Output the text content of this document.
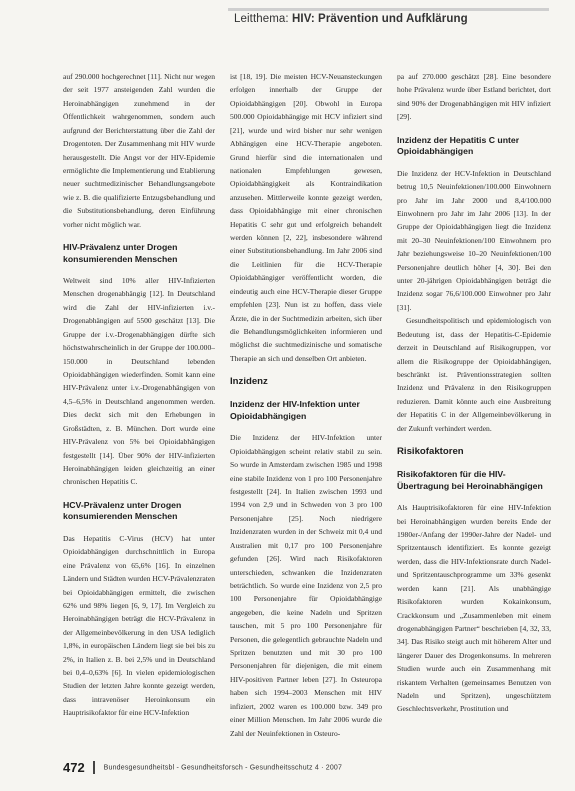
Leitthema: HIV: Prävention und Aufklärung

auf 290.000 hochgerechnet [11]. Nicht nur wegen der seit 1977 ansteigenden Zahl wurden die Heroinabhängigen zunehmend in der Öffentlichkeit wahrgenommen, sondern auch aufgrund der Berichterstattung über die Zahl der Drogentoten. Der Zusammenhang mit HIV wurde herausgestellt. Die Angst vor der HIV-Epidemie ermöglichte die Implementierung und Etablierung neuer suchtmedizinischer Behandlungsangebote wie z. B. die qualifizierte Entzugsbehandlung und die Substitutionsbehandlung, deren Einführung vorher nicht möglich war.

HIV-Prävalenz unter Drogen konsumierenden Menschen

Weltweit sind 10% aller HIV-Infizierten Menschen drogenabhängig [12]. In Deutschland wird die Zahl der HIV-infizierten i.v.-Drogenabhängigen auf 5500 geschätzt [13]. Die Gruppe der i.v.-Drogenabhängigen dürfte sich höchstwahrscheinlich in der Gruppe der 100.000–150.000 in Deutschland lebenden Opioidabhängigen wiederfinden. Somit kann eine HIV-Prävalenz unter i.v.-Drogenabhängigen von 4,5–6,5% in Deutschland angenommen werden. Dies deckt sich mit den Erhebungen in Großstädten, z. B. München. Dort wurde eine HIV-Prävalenz von 5% bei Opioidabhängigen festgestellt [14]. Über 90% der HIV-infizierten Heroinabhängigen leiden gleichzeitig an einer chronischen Hepatitis C.

HCV-Prävalenz unter Drogen konsumierenden Menschen

Das Hepatitis C-Virus (HCV) hat unter Opioidabhängigen durchschnittlich in Europa eine Prävalenz von 65,6% [16]. In einzelnen Ländern und Städten wurden HCV-Prävalenzraten bei Opioidabhängigen ermittelt, die zwischen 62% und 98% liegen [6, 9, 17]. Im Vergleich zu Heroinabhängigen beträgt die HCV-Prävalenz in der Allgemeinbevölkerung in den USA lediglich 1,8%, in europäischen Ländern liegt sie bei bis zu 2%, in Italien z. B. bei 2,5% und in Deutschland bei 0,4–0,63% [6]. In vielen epidemiologischen Studien der letzten Jahre konnte gezeigt werden, dass intravenöser Heroinkonsum ein Hauptrisikofaktor für eine HCV-Infektion

ist [18, 19]. Die meisten HCV-Neuansteckungen erfolgen innerhalb der Gruppe der Opioidabhängigen [20]. Obwohl in Europa 500.000 Opioidabhängige mit HCV infiziert sind [21], wurde und wird bisher nur sehr wenigen Abhängigen eine HCV-Therapie angeboten. Grund hierfür sind die internationalen und nationalen Empfehlungen gewesen, Opioidabhängigkeit als Kontraindikation anzusehen. Mittlerweile konnte gezeigt werden, dass Opioidabhängige mit einer chronischen Hepatitis C sehr gut und erfolgreich behandelt werden können [2, 22], insbesondere während einer Substitutionsbehandlung. Im Jahr 2006 sind die Leitlinien für die HCV-Therapie Opioidabhängiger veröffentlicht worden, die eindeutig auch eine HCV-Therapie dieser Gruppe empfehlen [23]. Nun ist zu hoffen, dass viele Ärzte, die in der Suchtmedizin arbeiten, sich über die Behandlungsmöglichkeiten informieren und möglichst die suchtmedizinische und somatische Therapie an sich und denselben Ort anbieten.

Inzidenz
Inzidenz der HIV-Infektion unter Opioidabhängigen

Die Inzidenz der HIV-Infektion unter Opioidabhängigen scheint relativ stabil zu sein. So wurde in Amsterdam zwischen 1985 und 1998 eine stabile Inzidenz von 1 pro 100 Personenjahre festgestellt [24]. In Italien zwischen 1993 und 1994 von 2,9 und in Schweden von 3 pro 100 Personenjahre [25]. Noch niedrigere Inzidenzraten wurden in der Schweiz mit 0,4 und Australien mit 0,17 pro 100 Personenjahre gefunden [26]. Wird nach Risikofaktoren unterschieden, schwanken die Inzidenzraten beträchtlich. So wurde eine Inzidenz von 2,5 pro 100 Personenjahre für Opioidabhängige angegeben, die keine Nadeln und Spritzen tauschen, mit 5 pro 100 Personenjahre für Personen, die gelegentlich gebrauchte Nadeln und Spritzen benutzten und mit 30 pro 100 Personenjahren für diejenigen, die mit einem HIV-positiven Partner leben [27]. In Osteuropa haben sich 1994–2003 Menschen mit HIV infiziert, 2002 waren es 100.000 bzw. 349 pro einer Million Menschen. Im Jahr 2006 wurde die Zahl der Neuinfektionen in Osteuro-

pa auf 270.000 geschätzt [28]. Eine besondere hohe Prävalenz wurde über Estland berichtet, dort sind 90% der Drogenabhängigen mit HIV infiziert [29].

Inzidenz der Hepatitis C unter Opioidabhängigen

Die Inzidenz der HCV-Infektion in Deutschland betrug 10,5 Neuinfektionen/100.000 Einwohnern pro Jahr im Jahr 2000 und 8,4/100.000 Einwohnern pro Jahr im Jahr 2006 [13]. In der Gruppe der Opioidabhängigen liegt die Inzidenz mit 20–30 Neuinfektionen/100 Einwohnern pro Jahr beziehungsweise 10–20 Neuinfektionen/100 Personenjahre deutlich höher [4, 30]. Bei den unter 20-jährigen Opioidabhängigen beträgt die Inzidenz sogar 76,6/100.000 Einwohner pro Jahr [31].

Gesundheitspolitisch und epidemiologisch von Bedeutung ist, dass der Hepatitis-C-Epidemie derzeit in Deutschland auf Risikogruppen, vor allem die Risikogruppe der Opioidabhängigen, beschränkt ist. Präventionsstrategien sollten Inzidenz und Prävalenz in den Risikogruppen reduzieren. Damit könnte auch eine Ausbreitung der Hepatitis C in der Allgemeinbevölkerung in der Zukunft verhindert werden.

Risikofaktoren
Risikofaktoren für die HIV-Übertragung bei Heroinabhängigen

Als Hauptrisikofaktoren für eine HIV-Infektion bei Heroinabhängigen wurden bereits Ende der 1980er-/Anfang der 1990er-Jahre der Nadel- und Spritzentausch identifiziert. Es konnte gezeigt werden, dass die HIV-Infektionsrate durch Nadel- und Spritzentauschprogramme um 33% gesenkt werden kann [21]. Als unabhängige Risikofaktoren wurden Kokainkonsum, Crackkonsum und „Zusammenleben mit einem drogenabhängigen Partner“ beschrieben [4, 32, 33, 34]. Das Risiko steigt auch mit höherem Alter und längerer Dauer des Drogenkonsums. In mehreren Studien wurde auch ein Zusammenhang mit riskantem Verhalten (gemeinsames Benutzen von Nadeln und Spritzen), ungeschütztem Geschlechtsverkehr, Prostitution und

472	Bundesgesundheitsbl - Gesundheitsforsch - Gesundheitsschutz 4 · 2007
